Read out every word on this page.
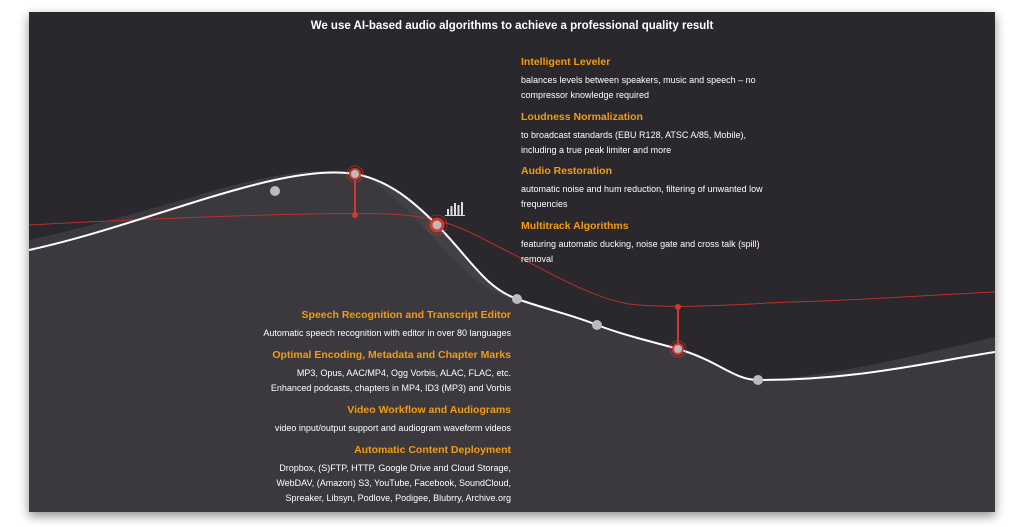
We use AI-based audio algorithms to achieve a professional quality result
Intelligent Leveler
balances levels between speakers, music and speech – no
compressor knowledge required
Loudness Normalization
to broadcast standards (EBU R128, ATSC A/85, Mobile),
including a true peak limiter and more
Audio Restoration
automatic noise and hum reduction, filtering of unwanted low
frequencies
Multitrack Algorithms
featuring automatic ducking, noise gate and cross talk (spill)
removal
Speech Recognition and Transcript Editor
Automatic speech recognition with editor in over 80 languages
Optimal Encoding, Metadata and Chapter Marks
MP3, Opus, AAC/MP4, Ogg Vorbis, ALAC, FLAC, etc.
Enhanced podcasts, chapters in MP4, ID3 (MP3) and Vorbis
Video Workflow and Audiograms
video input/output support and audiogram waveform videos
Automatic Content Deployment
Dropbox, (S)FTP, HTTP, Google Drive and Cloud Storage,
WebDAV, (Amazon) S3, YouTube, Facebook, SoundCloud,
Spreaker, Libsyn, Podlove, Podigee, Blubrry, Archive.org
